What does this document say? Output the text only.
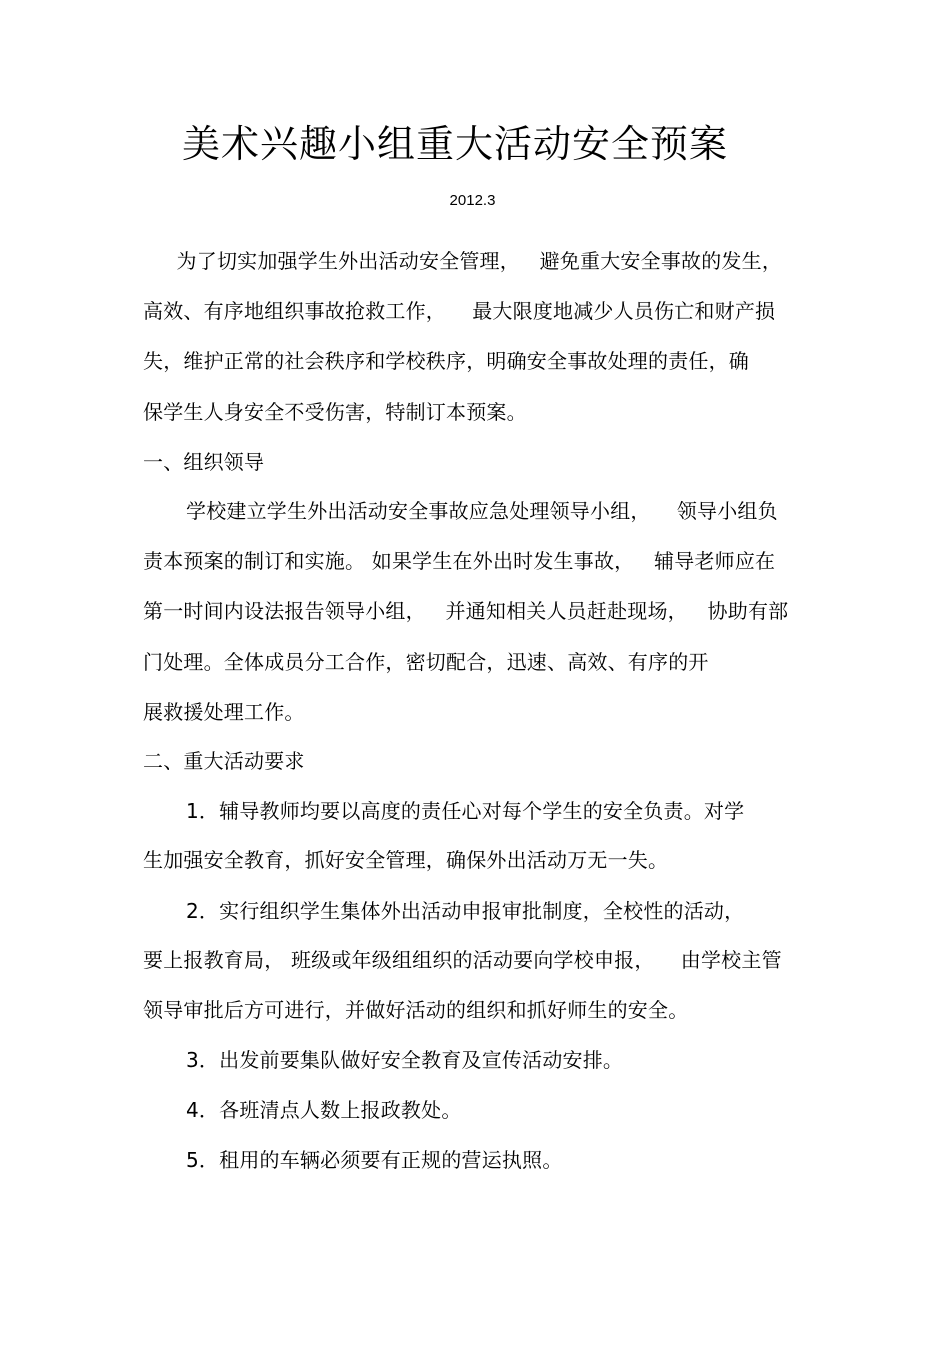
美术兴趣小组重大活动安全预案
2012.3
为了切实加强学生外出活动安全管理，   避免重大安全事故的发生，
高效、有序地组织事故抢救工作，    最大限度地减少人员伤亡和财产损
失，维护正常的社会秩序和学校秩序，明确安全事故处理的责任，确
保学生人身安全不受伤害，特制订本预案。
一、组织领导
学校建立学生外出活动安全事故应急处理领导小组，    领导小组负
责本预案的制订和实施。 如果学生在外出时发生事故，   辅导老师应在
第一时间内设法报告领导小组，   并通知相关人员赶赴现场，   协助有部
门处理。全体成员分工合作，密切配合，迅速、高效、有序的开
展救援处理工作。
二、重大活动要求
1．辅导教师均要以高度的责任心对每个学生的安全负责。对学
生加强安全教育，抓好安全管理，确保外出活动万无一失。
2．实行组织学生集体外出活动申报审批制度，全校性的活动，
要上报教育局， 班级或年级组组织的活动要向学校申报，    由学校主管
领导审批后方可进行，并做好活动的组织和抓好师生的安全。
3．出发前要集队做好安全教育及宣传活动安排。
4．各班清点人数上报政教处。
5．租用的车辆必须要有正规的营运执照。
